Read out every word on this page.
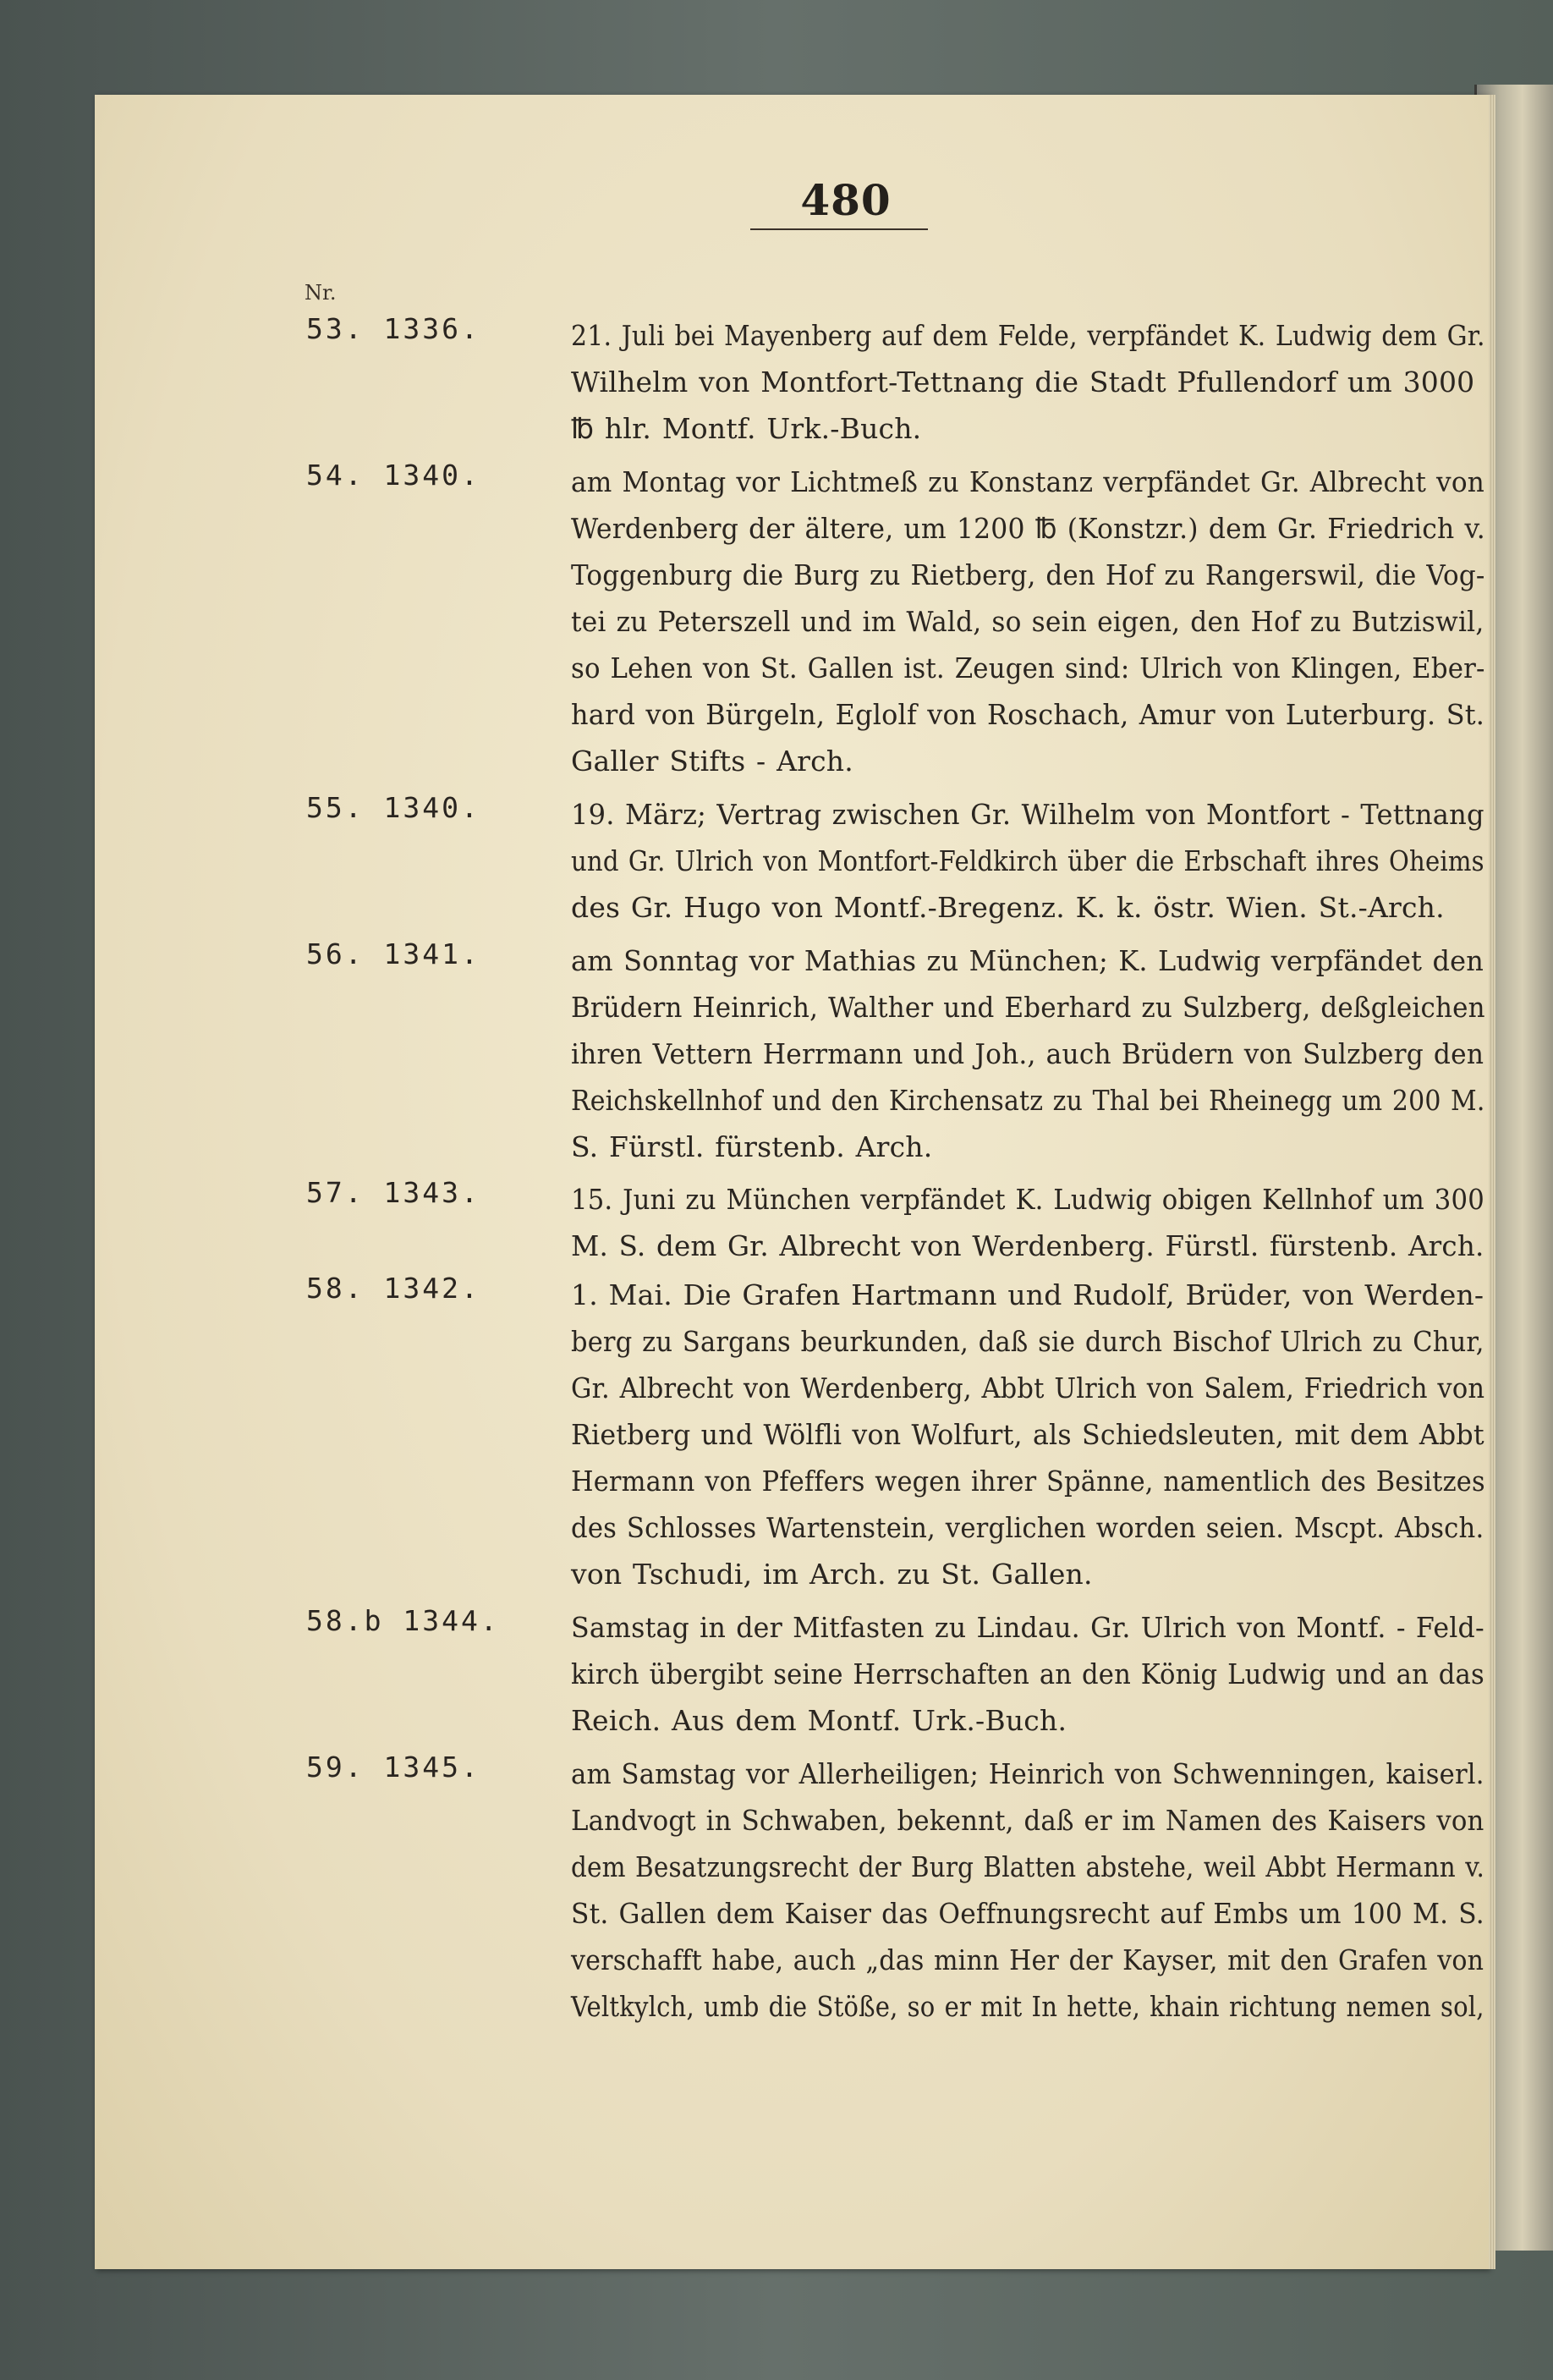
480
Nr.
53. 1336.	21. Juli bei Mayenberg auf dem Felde, verpfändet K. Ludwig dem Gr.
Wilhelm von Montfort-Tettnang die Stadt Pfullendorf um 3000
℔ hlr. Montf. Urk.-Buch.
54. 1340.	am Montag vor Lichtmeß zu Konstanz verpfändet Gr. Albrecht von
Werdenberg der ältere, um 1200 ℔ (Konstzr.) dem Gr. Friedrich v.
Toggenburg die Burg zu Rietberg, den Hof zu Rangerswil, die Vog-
tei zu Peterszell und im Wald, so sein eigen, den Hof zu Butziswil,
so Lehen von St. Gallen ist. Zeugen sind: Ulrich von Klingen, Eber-
hard von Bürgeln, Eglolf von Roschach, Amur von Luterburg. St.
Galler Stifts - Arch.
55. 1340.	19. März; Vertrag zwischen Gr. Wilhelm von Montfort - Tettnang
und Gr. Ulrich von Montfort-Feldkirch über die Erbschaft ihres Oheims
des Gr. Hugo von Montf.-Bregenz. K. k. östr. Wien. St.-Arch.
56. 1341.	am Sonntag vor Mathias zu München; K. Ludwig verpfändet den
Brüdern Heinrich, Walther und Eberhard zu Sulzberg, deßgleichen
ihren Vettern Herrmann und Joh., auch Brüdern von Sulzberg den
Reichskellnhof und den Kirchensatz zu Thal bei Rheinegg um 200 M.
S. Fürstl. fürstenb. Arch.
57. 1343.	15. Juni zu München verpfändet K. Ludwig obigen Kellnhof um 300
M. S. dem Gr. Albrecht von Werdenberg. Fürstl. fürstenb. Arch.
58. 1342.	1. Mai. Die Grafen Hartmann und Rudolf, Brüder, von Werden-
berg zu Sargans beurkunden, daß sie durch Bischof Ulrich zu Chur,
Gr. Albrecht von Werdenberg, Abbt Ulrich von Salem, Friedrich von
Rietberg und Wölfli von Wolfurt, als Schiedsleuten, mit dem Abbt
Hermann von Pfeffers wegen ihrer Spänne, namentlich des Besitzes
des Schlosses Wartenstein, verglichen worden seien. Mscpt. Absch.
von Tschudi, im Arch. zu St. Gallen.
58.b 1344.	Samstag in der Mitfasten zu Lindau. Gr. Ulrich von Montf. - Feld-
kirch übergibt seine Herrschaften an den König Ludwig und an das
Reich. Aus dem Montf. Urk.-Buch.
59. 1345.	am Samstag vor Allerheiligen; Heinrich von Schwenningen, kaiserl.
Landvogt in Schwaben, bekennt, daß er im Namen des Kaisers von
dem Besatzungsrecht der Burg Blatten abstehe, weil Abbt Hermann v.
St. Gallen dem Kaiser das Oeffnungsrecht auf Embs um 100 M. S.
verschafft habe, auch „das minn Her der Kayser, mit den Grafen von
Veltkylch, umb die Stöße, so er mit In hette, khain richtung nemen sol,
